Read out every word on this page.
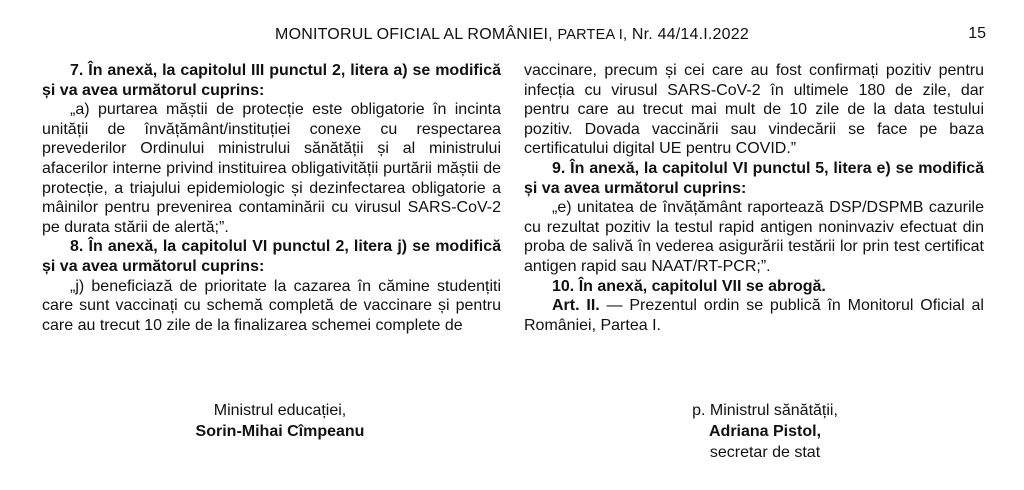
MONITORUL OFICIAL AL ROMÂNIEI, PARTEA I, Nr. 44/14.I.2022	15

7. În anexă, la capitolul III punctul 2, litera a) se modifică și va avea următorul cuprins:

„a) purtarea măștii de protecție este obligatorie în incinta unității de învățământ/instituției conexe cu respectarea prevederilor Ordinului ministrului sănătății și al ministrului afacerilor interne privind instituirea obligativității purtării măștii de protecție, a triajului epidemiologic și dezinfectarea obligatorie a mâinilor pentru prevenirea contaminării cu virusul SARS-CoV-2 pe durata stării de alertă;”.

8. În anexă, la capitolul VI punctul 2, litera j) se modifică și va avea următorul cuprins:

„j) beneficiază de prioritate la cazarea în cămine studențiti care sunt vaccinați cu schemă completă de vaccinare și pentru care au trecut 10 zile de la finalizarea schemei complete de

vaccinare, precum și cei care au fost confirmați pozitiv pentru infecția cu virusul SARS-CoV-2 în ultimele 180 de zile, dar pentru care au trecut mai mult de 10 zile de la data testului pozitiv. Dovada vaccinării sau vindecării se face pe baza certificatului digital UE pentru COVID.”

9. În anexă, la capitolul VI punctul 5, litera e) se modifică și va avea următorul cuprins:

„e) unitatea de învățământ raportează DSP/DSPMB cazurile cu rezultat pozitiv la testul rapid antigen noninvaziv efectuat din proba de salivă în vederea asigurării testării lor prin test certificat antigen rapid sau NAAT/RT-PCR;”.

10. În anexă, capitolul VII se abrogă.

Art. II. — Prezentul ordin se publică în Monitorul Oficial al României, Partea I.

Ministrul educației,
Sorin-Mihai Cîmpeanu
p. Ministrul sănătății,
Adriana Pistol,
secretar de stat
